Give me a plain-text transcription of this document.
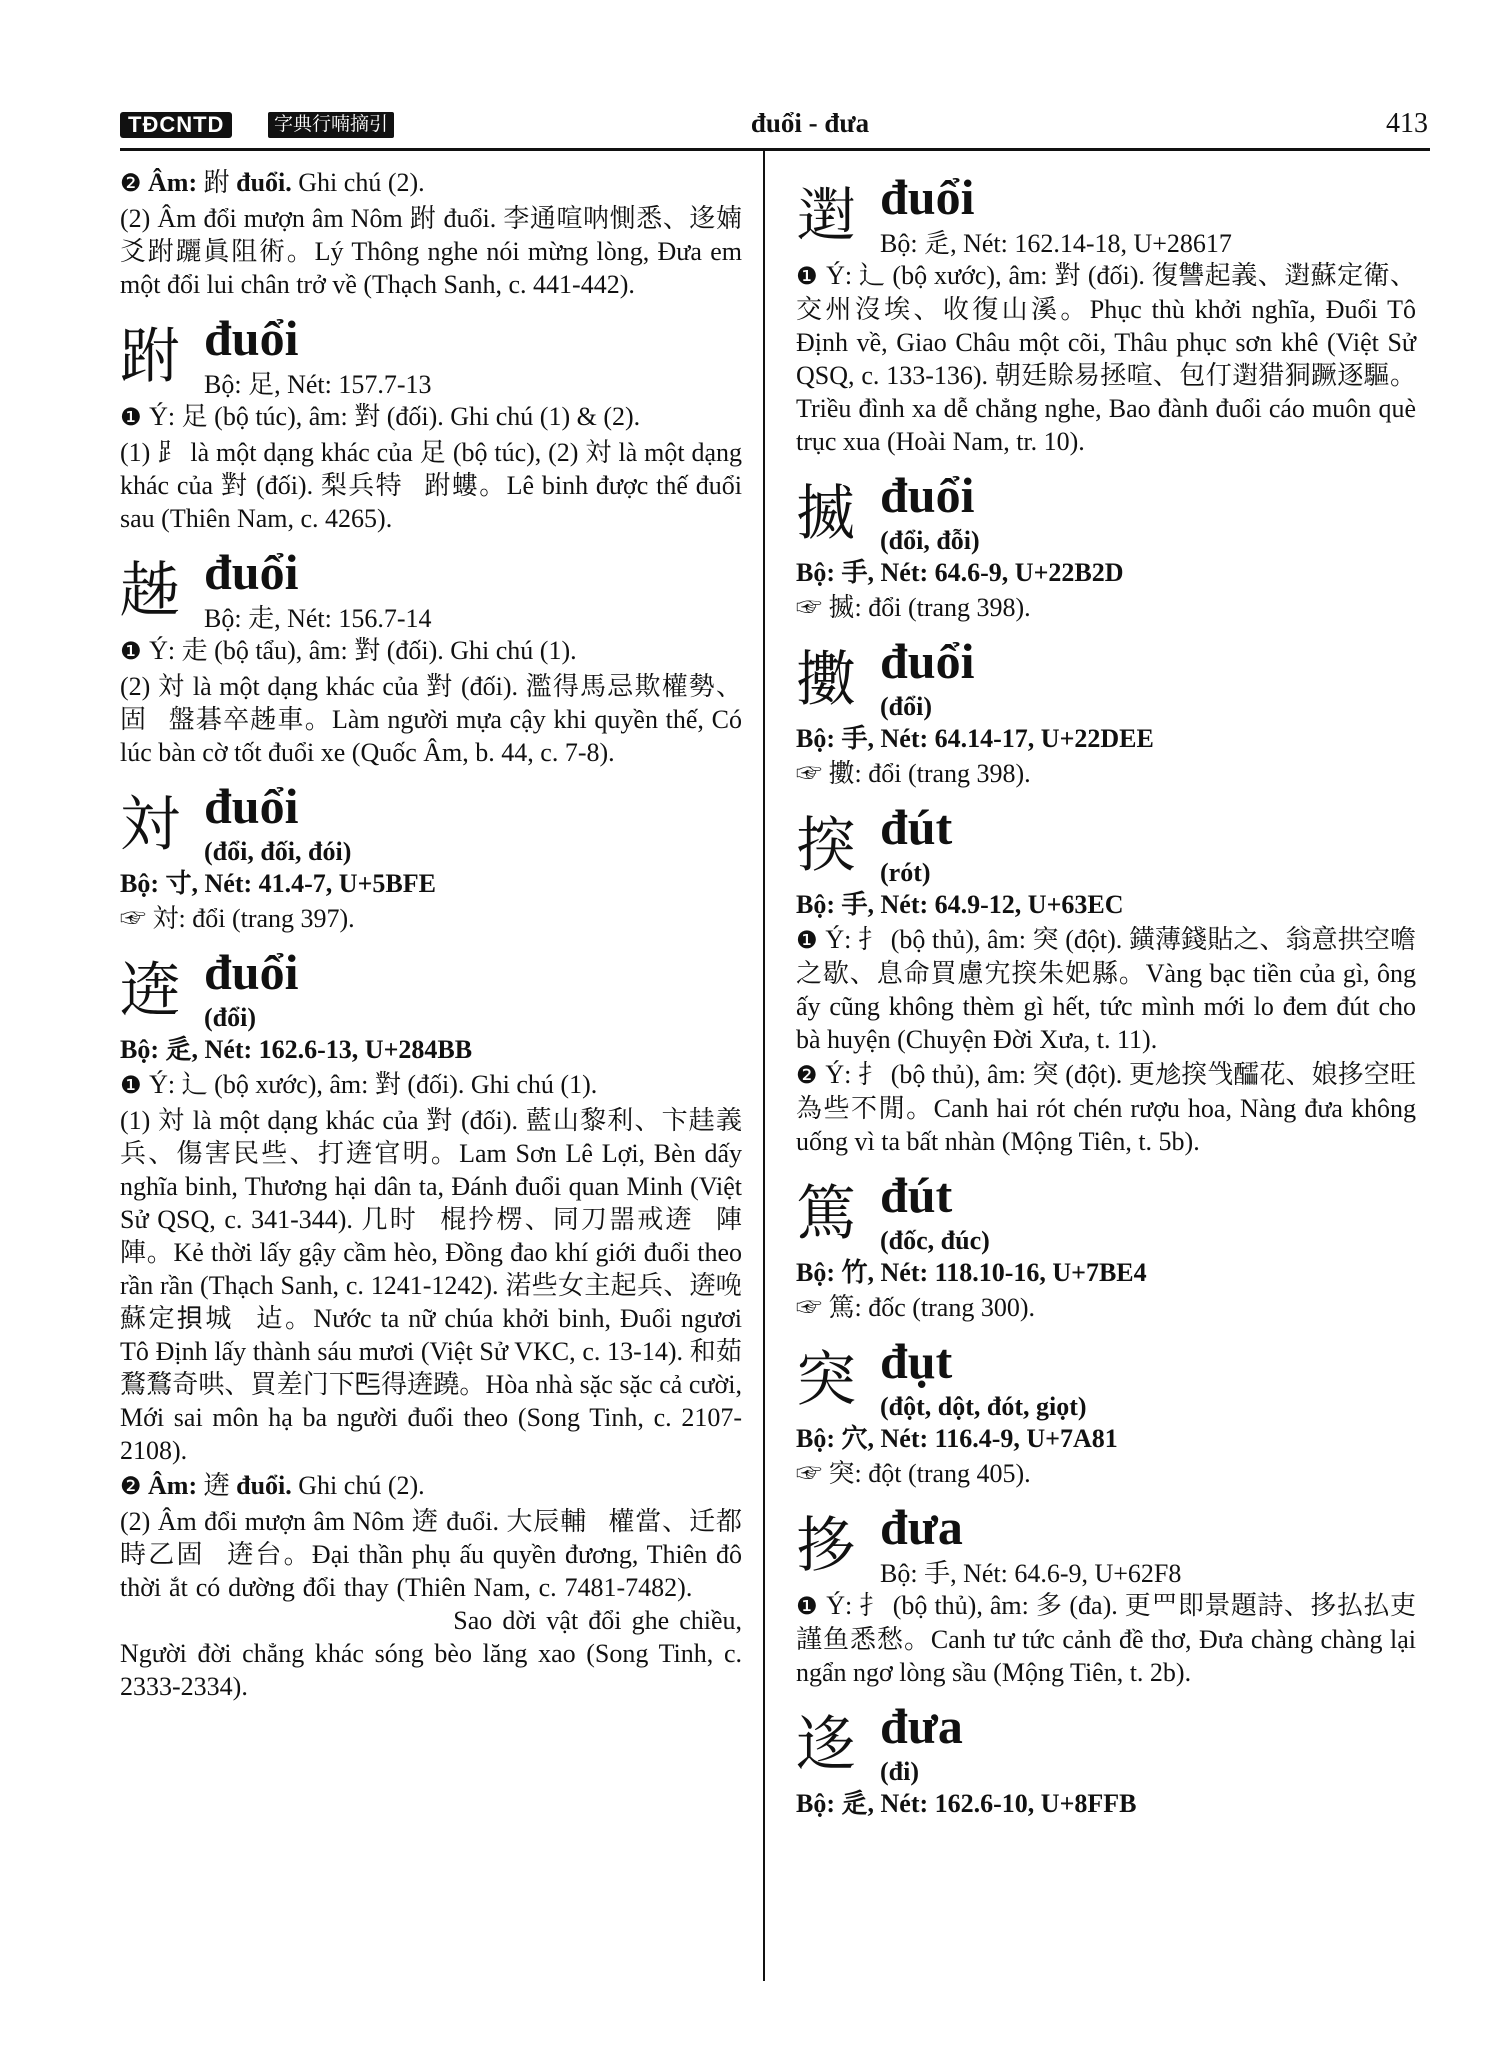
TĐCNTD	字典行喃摘引	đuổi - đưa	413

❷ Âm: 跗 đuổi. Ghi chú (2).

(2) Âm đổi mượn âm Nôm 跗 đuổi. 李通喧呐惻悉、迻婻爻跗躧眞阻術。Lý Thông nghe nói mừng lòng, Đưa em một đổi lui chân trở về (Thạch Sanh, c. 441-442).

跗 đuổi
Bộ: 足, Nét: 157.7-13

❶ Ý: 足 (bộ túc), âm: 對 (đối). Ghi chú (1) & (2).

(1) ⻊ là một dạng khác của 足 (bộ túc), (2) 対 là một dạng khác của 對 (đối). 梨兵特𨔍跗螻。Lê binh được thế đuổi sau (Thiên Nam, c. 4265).

趀 đuổi
Bộ: 走, Nét: 156.7-14

❶ Ý: 走 (bộ tẩu), âm: 對 (đối). Ghi chú (1).

(2) 対 là một dạng khác của 對 (đối). 濫得馬忌欺權勢、固𪱨盤碁卒趀車。Làm người mựa cậy khi quyền thế, Có lúc bàn cờ tốt đuổi xe (Quốc Âm, b. 44, c. 7-8).

対 đuổi
(đổi, đối, đói)

Bộ: 寸, Nét: 41.4-7, U+5BFE

☞ 対: đổi (trang 397).

逩 đuổi
(đổi)

Bộ: 辵, Nét: 162.6-13, U+284BB

❶ Ý: 辶 (bộ xước), âm: 對 (đối). Ghi chú (1).

(1) 対 là một dạng khác của 對 (đối). 藍山黎利、卞䞨義兵、傷害民些、打逩官明。Lam Sơn Lê Lợi, Bèn dấy nghĩa binh, Thương hại dân ta, Đánh đuổi quan Minh (Việt Sử QSQ, c. 341-344). 几时𢬣棍扲楞、同刀噐戒逩𤇮陣陣。Kẻ thời lấy gậy cầm hèo, Đồng đao khí giới đuổi theo rần rần (Thạch Sanh, c. 1241-1242). 渃些女主起兵、逩𠲶蘇定𢭲城𢴑迠。Nước ta nữ chúa khởi binh, Đuổi ngươi Tô Định lấy thành sáu mươi (Việt Sử VKC, c. 13-14). 和茹鶩鶩奇哄、買差门下𠀧得逩蹺。Hòa nhà sặc sặc cả cười, Mới sai môn hạ ba người đuổi theo (Song Tinh, c. 2107-2108).

❷ Âm: 逩 đuổi. Ghi chú (2).

(2) Âm đổi mượn âm Nôm 逩 đuổi. 大辰輔𢀨權當、迁都時乙固𡗅逩台。Đại thần phụ ấu quyền đương, Thiên đô thời ắt có dường đổi thay (Thiên Nam, c. 7481-7482). 𡗶移物逩稽朝、得茷庄各㳚灜湖滈。Sao dời vật đổi ghe chiều, Người đời chẳng khác sóng bèo lăng xao (Song Tinh, c. 2333-2334).

𨘗 đuổi
Bộ: 辵, Nét: 162.14-18, U+28617

❶ Ý: 辶 (bộ xước), âm: 對 (đối). 復讐起義、𨘗蘇定衛、交州沒埃、收復山溪。Phục thù khởi nghĩa, Đuổi Tô Định về, Giao Châu một cõi, Thâu phục sơn khê (Việt Sử QSQ, c. 133-136). 朝廷賒易拯喧、包仃𨘗猎狪蹶逐驅。Triều đình xa dễ chẳng nghe, Bao đành đuổi cáo muôn què trục xua (Hoài Nam, tr. 10).

揻 đuổi
(đổi, đỗi)

Bộ: 手, Nét: 64.6-9, U+22B2D

☞ 揻: đổi (trang 398).

擻 đuổi
(đổi)

Bộ: 手, Nét: 64.14-17, U+22DEE

☞ 擻: đổi (trang 398).

揬 đút
(rót)

Bộ: 手, Nét: 64.9-12, U+63EC

❶ Ý: 扌 (bộ thủ), âm: 突 (đột). 鐄薄錢貼之、翁意拱空噡之歇、息命買慮宄揬朱妑縣。Vàng bạc tiền của gì, ông ấy cũng không thèm gì hết, tức mình mới lo đem đút cho bà huyện (Chuyện Đời Xưa, t. 11).

❷ Ý: 扌 (bộ thủ), âm: 突 (đột). 更𠃩揬㦰醽花、娘拸空旺為些不閒。Canh hai rót chén rượu hoa, Nàng đưa không uống vì ta bất nhàn (Mộng Tiên, t. 5b).

篤 đút
(đốc, đúc)

Bộ: 竹, Nét: 118.10-16, U+7BE4

☞ 篤: đốc (trang 300).

突 đụt
(đột, dột, đót, giọt)

Bộ: 穴, Nét: 116.4-9, U+7A81

☞ 突: đột (trang 405).

拸 đưa
Bộ: 手, Nét: 64.6-9, U+62F8

❶ Ý: 扌 (bộ thủ), âm: 多 (đa). 更罒即景題詩、拸払払吏謹鱼悉愁。Canh tư tức cảnh đề thơ, Đưa chàng chàng lại ngẩn ngơ lòng sầu (Mộng Tiên, t. 2b).

迻 đưa
(đi)

Bộ: 辵, Nét: 162.6-10, U+8FFB
